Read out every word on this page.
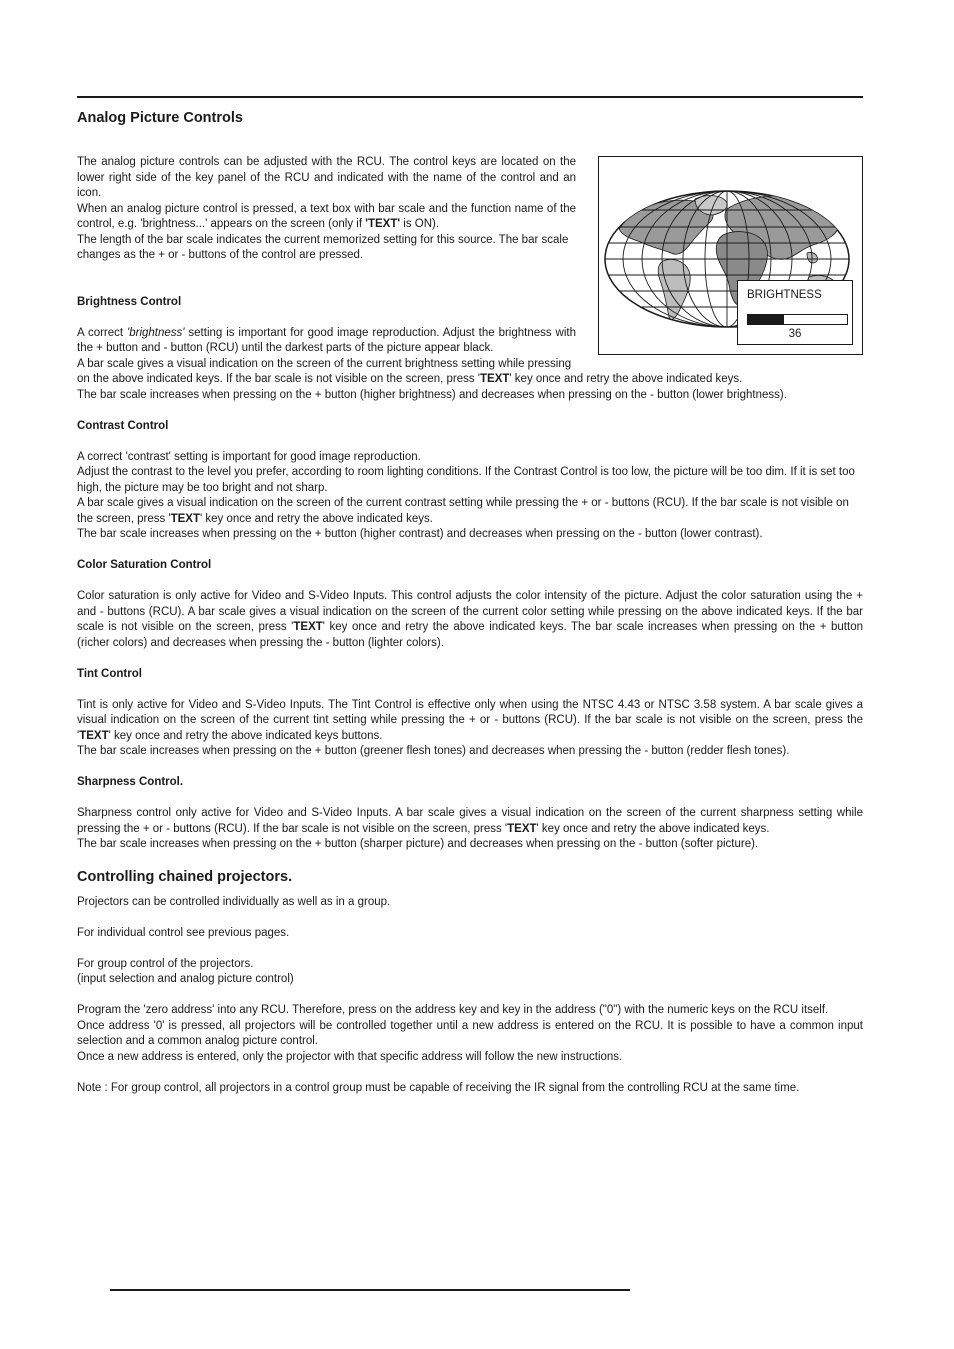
Analog Picture Controls

The analog picture controls can be adjusted with the RCU. The control keys are located on the lower right side of the key panel of the RCU and indicated with the name of the control and an icon.

When an analog picture control is pressed, a text box with bar scale and the function name of the control, e.g. 'brightness...' appears on the screen (only if 'TEXT' is ON).

The length of the bar scale indicates the current memorized setting for this source. The bar scale changes as the + or - buttons of the control are pressed.

Brightness Control

A correct 'brightness' setting is important for good image reproduction. Adjust the brightness with the + button and - button (RCU) until the darkest parts of the picture appear black.

A bar scale gives a visual indication on the screen of the current brightness setting while pressing on the above indicated keys. If the bar scale is not visible on the screen, press 'TEXT' key once and retry the above indicated keys.

The bar scale increases when pressing on the + button (higher brightness) and decreases when pressing on the - button (lower brightness).

Contrast Control

A correct 'contrast' setting is important for good image reproduction.

Adjust the contrast to the level you prefer, according to room lighting conditions. If the Contrast Control is too low, the picture will be too dim. If it is set too high, the picture may be too bright and not sharp.

A bar scale gives a visual indication on the screen of the current contrast setting while pressing the + or - buttons (RCU). If the bar scale is not visible on the screen, press 'TEXT' key once and retry the above indicated keys.

The bar scale increases when pressing on the + button (higher contrast) and decreases when pressing on the - button (lower contrast).

Color Saturation Control

Color saturation is only active for Video and S-Video Inputs. This control adjusts the color intensity of the picture. Adjust the color saturation using the + and - buttons (RCU). A bar scale gives a visual indication on the screen of the current color setting while pressing on the above indicated keys. If the bar scale is not visible on the screen, press 'TEXT' key once and retry the above indicated keys. The bar scale increases when pressing on the + button (richer colors) and decreases when pressing the - button (lighter colors).

Tint Control

Tint is only active for Video and S-Video Inputs. The Tint Control is effective only when using the NTSC 4.43 or NTSC 3.58 system. A bar scale gives a visual indication on the screen of the current tint setting while pressing the + or - buttons (RCU). If the bar scale is not visible on the screen, press the 'TEXT' key once and retry the above indicated keys buttons.

The bar scale increases when pressing on the + button (greener flesh tones) and decreases when pressing the - button (redder flesh tones).

Sharpness Control.

Sharpness control only active for Video and S-Video Inputs. A bar scale gives a visual indication on the screen of the current sharpness setting while pressing the + or - buttons (RCU). If the bar scale is not visible on the screen, press 'TEXT' key once and retry the above indicated keys.

The bar scale increases when pressing on the + button (sharper picture) and decreases when pressing on the - button (softer picture).

Controlling chained projectors.

Projectors can be controlled individually as well as in a group.

For individual control see previous pages.

For group control of the projectors.

(input selection and analog picture control)

Program the 'zero address' into any RCU. Therefore, press on the address key and key in the address ("0") with the numeric keys on the RCU itself.

Once address '0' is pressed, all projectors will be controlled together until a new address is entered on the RCU. It is possible to have a common input selection and a common analog picture control.

Once a new address is entered, only the projector with that specific address will follow the new instructions.

Note : For group control, all projectors in a control group must be capable of receiving the IR signal from the controlling RCU at the same time.

BRIGHTNESS
36
